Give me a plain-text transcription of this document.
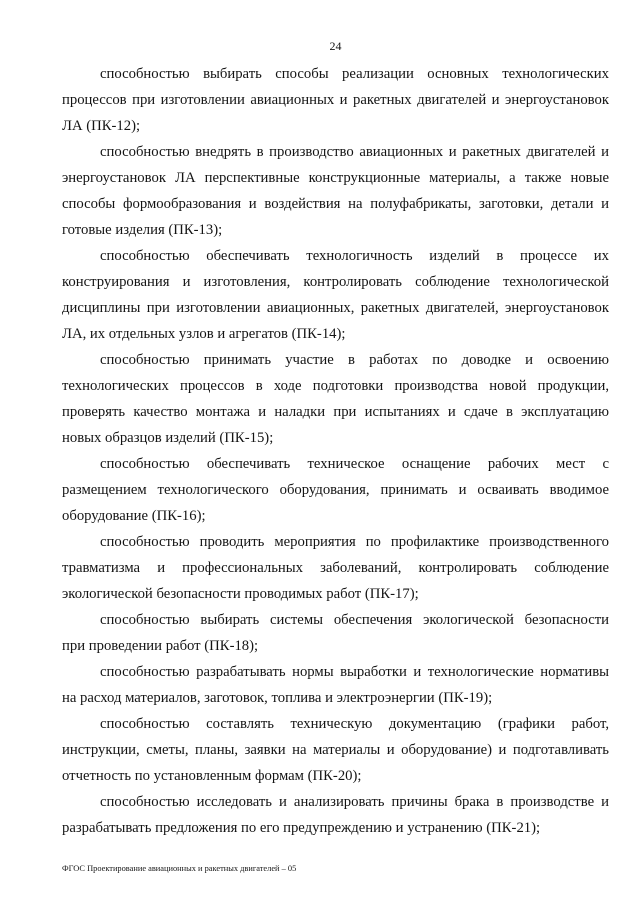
24
способностью выбирать способы реализации основных технологических
процессов при изготовлении авиационных и ракетных двигателей и энергоустановок
ЛА (ПК-12);
способностью внедрять в производство авиационных и ракетных двигателей и
энергоустановок ЛА перспективные конструкционные материалы, а также новые
способы формообразования и воздействия на полуфабрикаты, заготовки, детали и
готовые изделия (ПК-13);
способностью обеспечивать технологичность изделий в процессе их
конструирования и изготовления, контролировать соблюдение технологической
дисциплины при изготовлении авиационных, ракетных двигателей, энергоустановок
ЛА, их отдельных узлов и агрегатов (ПК-14);
способностью принимать участие в работах по доводке и освоению
технологических процессов в ходе подготовки производства новой продукции,
проверять качество монтажа и наладки при испытаниях и сдаче в эксплуатацию
новых образцов изделий (ПК-15);
способностью обеспечивать техническое оснащение рабочих мест с
размещением технологического оборудования, принимать и осваивать вводимое
оборудование (ПК-16);
способностью проводить мероприятия по профилактике производственного
травматизма и профессиональных заболеваний, контролировать соблюдение
экологической безопасности проводимых работ (ПК-17);
способностью выбирать системы обеспечения экологической безопасности
при проведении работ (ПК-18);
способностью разрабатывать нормы выработки и технологические нормативы
на расход материалов, заготовок, топлива и электроэнергии (ПК-19);
способностью составлять техническую документацию (графики работ,
инструкции, сметы, планы, заявки на материалы и оборудование) и подготавливать
отчетность по установленным формам (ПК-20);
способностью исследовать и анализировать причины брака в производстве и
разрабатывать предложения по его предупреждению и устранению (ПК-21);
ФГОС Проектирование авиационных и ракетных двигателей – 05
